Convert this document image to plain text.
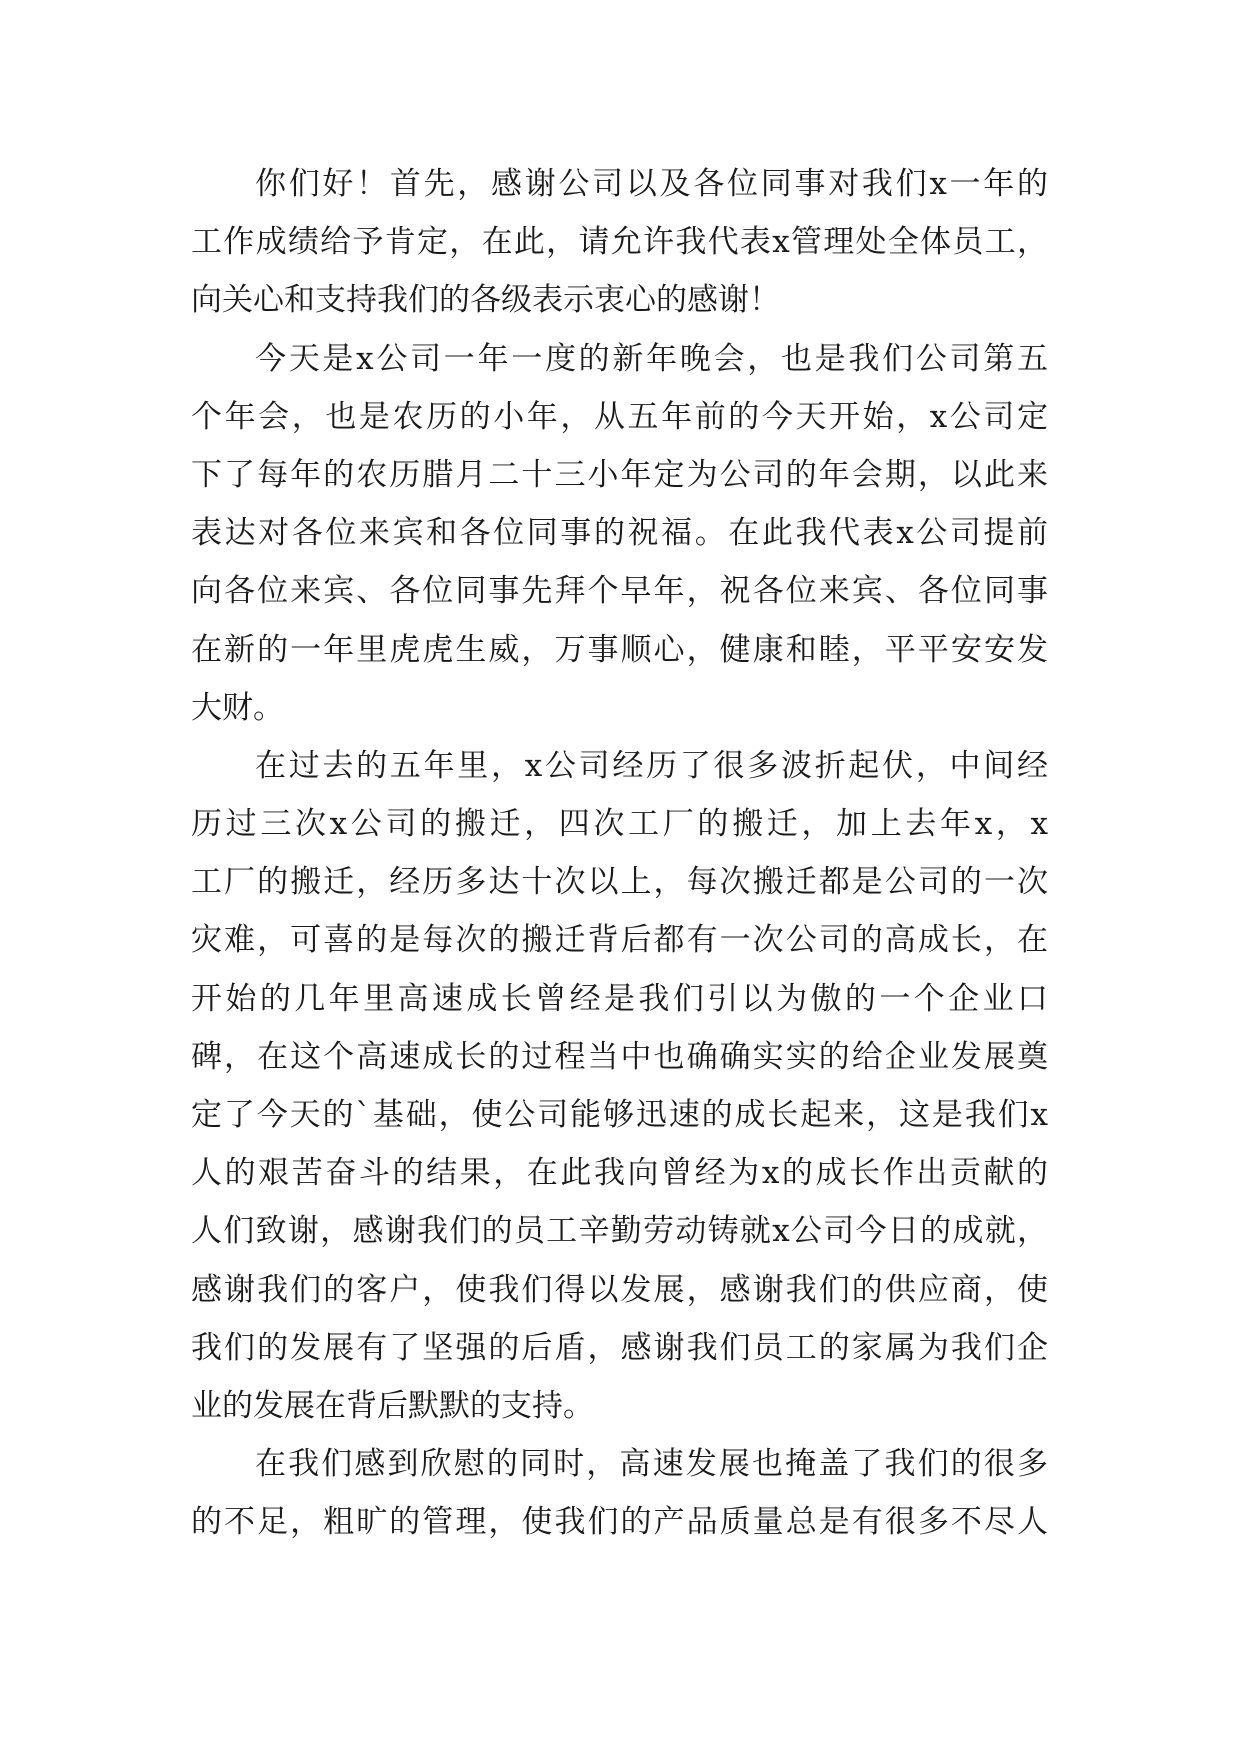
你们好！首先，感谢公司以及各位同事对我们x一年的
工作成绩给予肯定，在此，请允许我代表x管理处全体员工，
向关心和支持我们的各级表示衷心的感谢！
今天是x公司一年一度的新年晚会，也是我们公司第五
个年会，也是农历的小年，从五年前的今天开始，x公司定
下了每年的农历腊月二十三小年定为公司的年会期，以此来
表达对各位来宾和各位同事的祝福。在此我代表x公司提前
向各位来宾、各位同事先拜个早年，祝各位来宾、各位同事
在新的一年里虎虎生威，万事顺心，健康和睦，平平安安发
大财。
在过去的五年里，x公司经历了很多波折起伏，中间经
历过三次x公司的搬迁，四次工厂的搬迁，加上去年x，x
工厂的搬迁，经历多达十次以上，每次搬迁都是公司的一次
灾难，可喜的是每次的搬迁背后都有一次公司的高成长，在
开始的几年里高速成长曾经是我们引以为傲的一个企业口
碑，在这个高速成长的过程当中也确确实实的给企业发展奠
定了今天的`基础，使公司能够迅速的成长起来，这是我们x
人的艰苦奋斗的结果，在此我向曾经为x的成长作出贡献的
人们致谢，感谢我们的员工辛勤劳动铸就x公司今日的成就，
感谢我们的客户，使我们得以发展，感谢我们的供应商，使
我们的发展有了坚强的后盾，感谢我们员工的家属为我们企
业的发展在背后默默的支持。
在我们感到欣慰的同时，高速发展也掩盖了我们的很多
的不足，粗旷的管理，使我们的产品质量总是有很多不尽人
